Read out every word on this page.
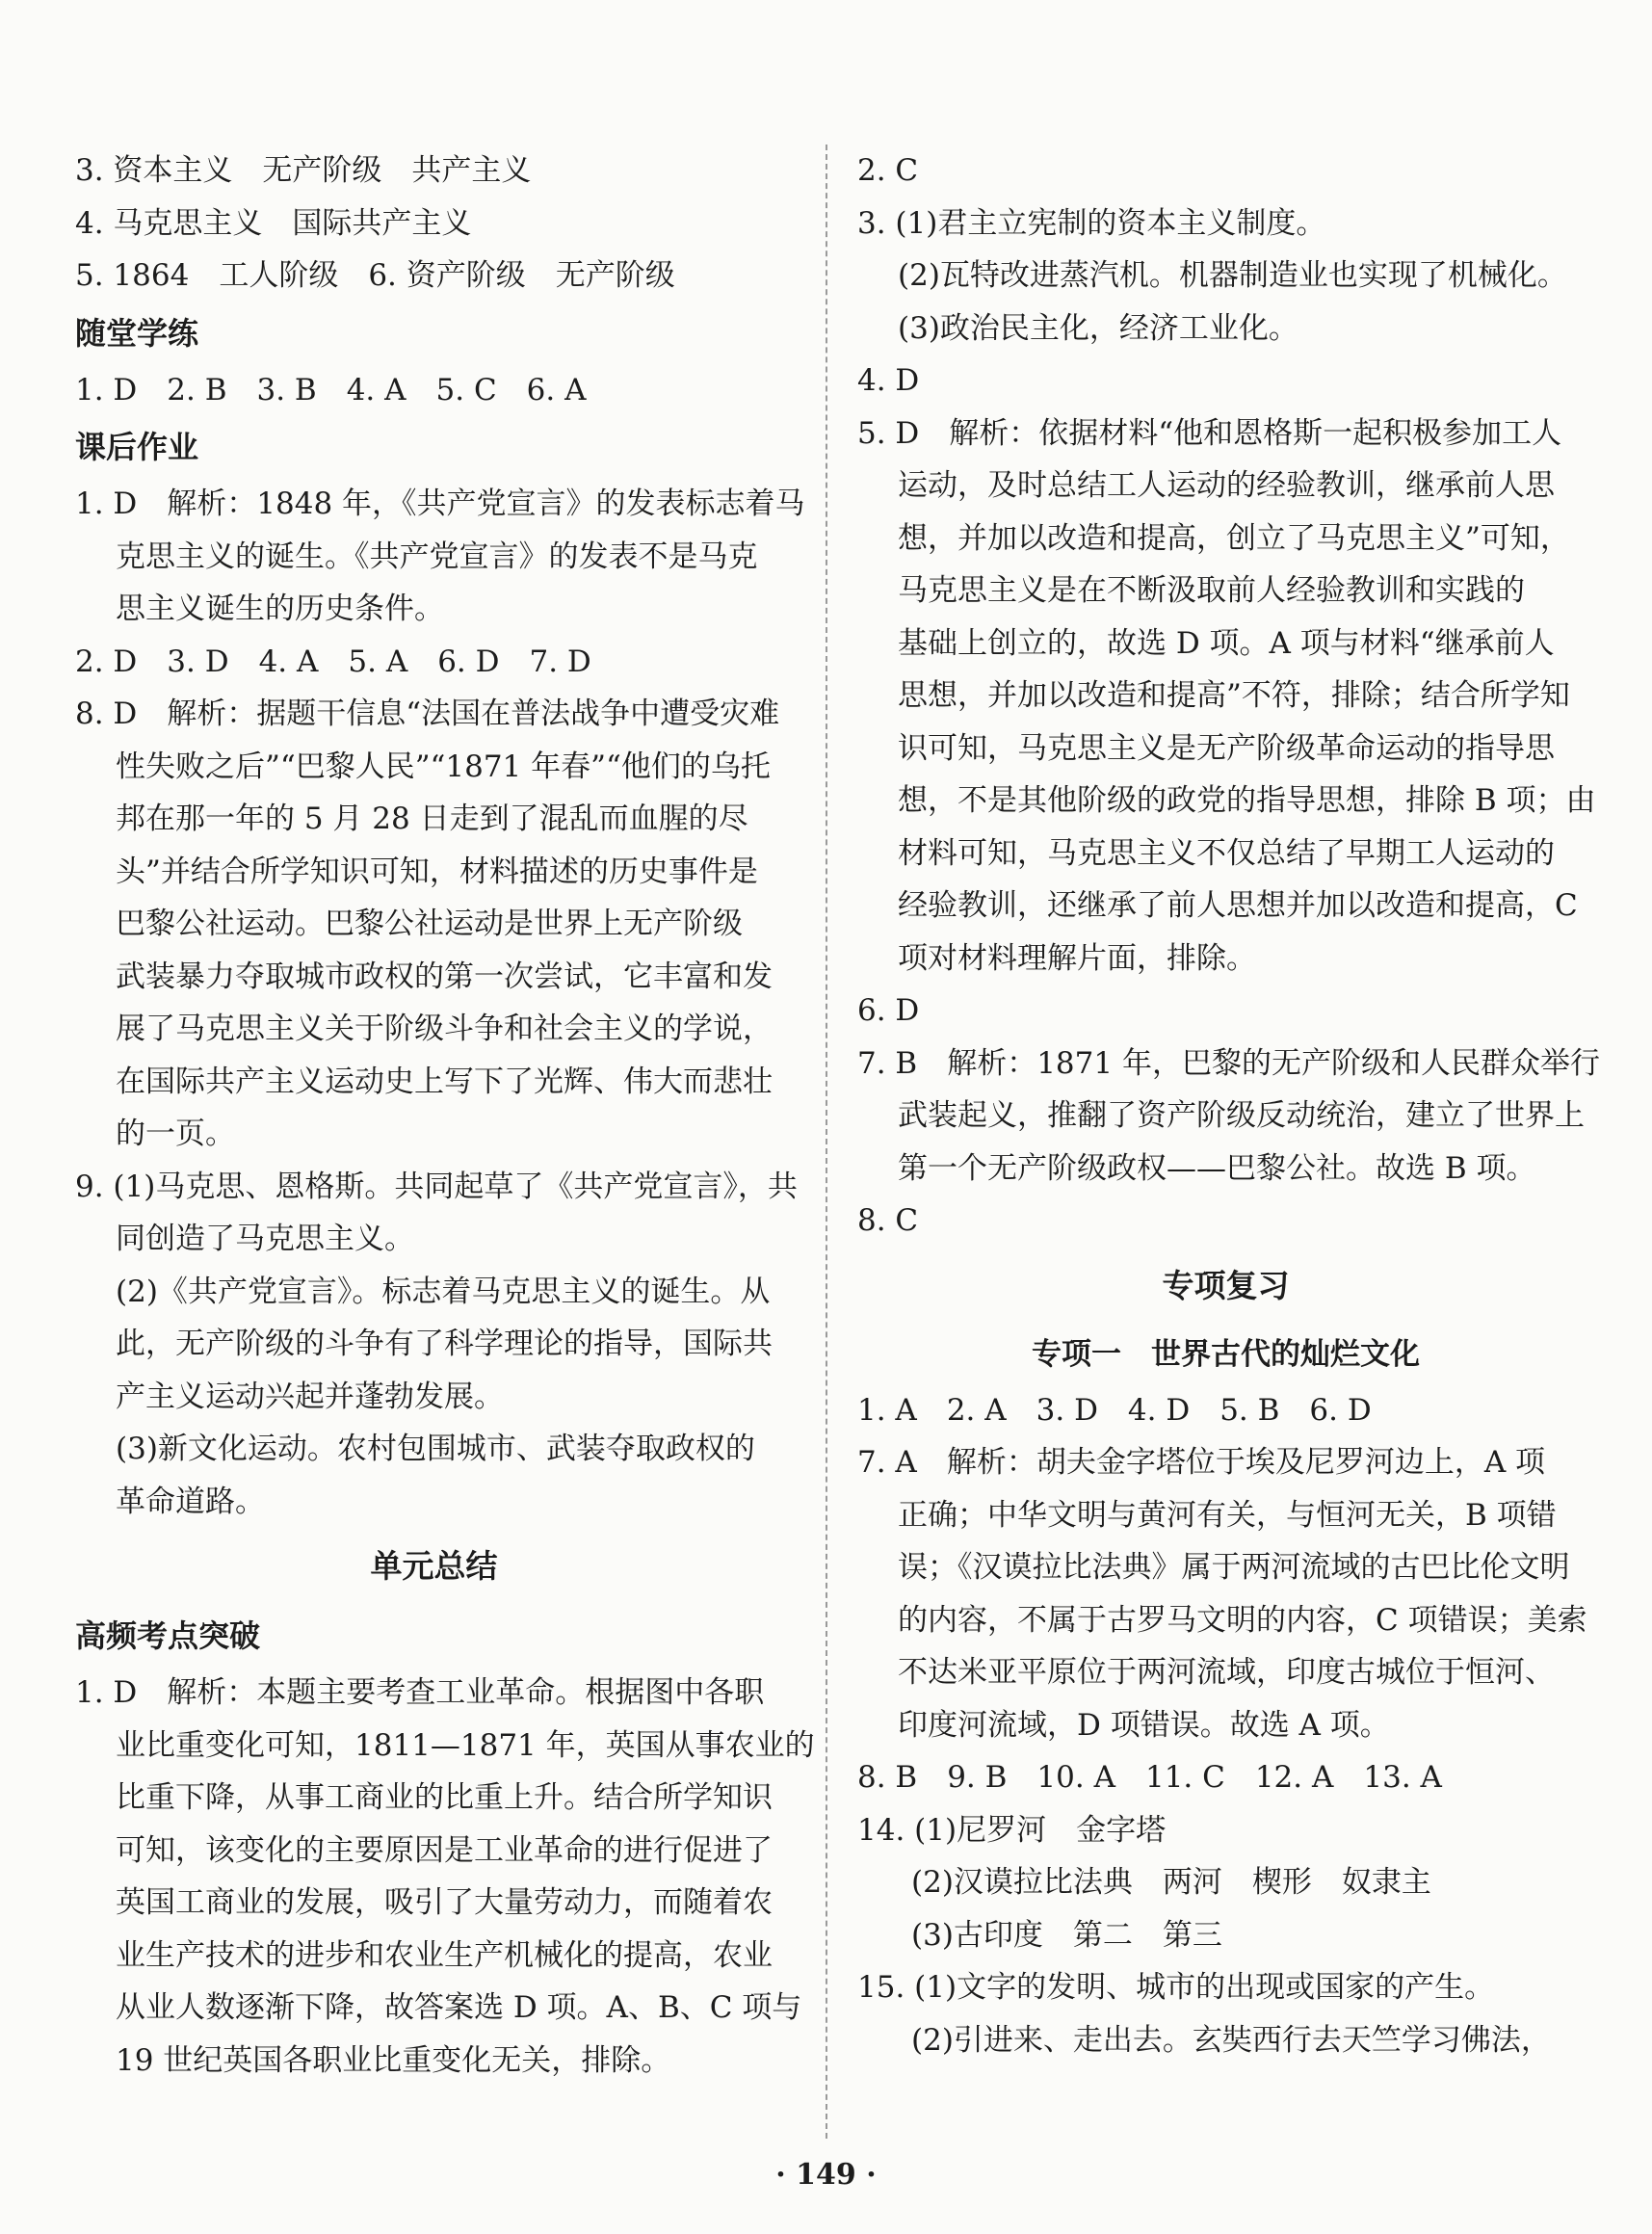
3. 资本主义　无产阶级　共产主义
4. 马克思主义　国际共产主义
5. 1864　工人阶级　6. 资产阶级　无产阶级
随堂学练
1. D　2. B　3. B　4. A　5. C　6. A
课后作业
1. D　解析：1848 年，《共产党宣言》的发表标志着马
克思主义的诞生。《共产党宣言》的发表不是马克
思主义诞生的历史条件。
2. D　3. D　4. A　5. A　6. D　7. D
8. D　解析：据题干信息“法国在普法战争中遭受灾难
性失败之后”“巴黎人民”“1871 年春”“他们的乌托
邦在那一年的 5 月 28 日走到了混乱而血腥的尽
头”并结合所学知识可知，材料描述的历史事件是
巴黎公社运动。巴黎公社运动是世界上无产阶级
武装暴力夺取城市政权的第一次尝试，它丰富和发
展了马克思主义关于阶级斗争和社会主义的学说，
在国际共产主义运动史上写下了光辉、伟大而悲壮
的一页。
9. (1)马克思、恩格斯。共同起草了《共产党宣言》，共
同创造了马克思主义。
(2)《共产党宣言》。标志着马克思主义的诞生。从
此，无产阶级的斗争有了科学理论的指导，国际共
产主义运动兴起并蓬勃发展。
(3)新文化运动。农村包围城市、武装夺取政权的
革命道路。
单元总结
高频考点突破
1. D　解析：本题主要考查工业革命。根据图中各职
业比重变化可知，1811—1871 年，英国从事农业的
比重下降，从事工商业的比重上升。结合所学知识
可知，该变化的主要原因是工业革命的进行促进了
英国工商业的发展，吸引了大量劳动力，而随着农
业生产技术的进步和农业生产机械化的提高，农业
从业人数逐渐下降，故答案选 D 项。A、B、C 项与
19 世纪英国各职业比重变化无关，排除。
2. C
3. (1)君主立宪制的资本主义制度。
(2)瓦特改进蒸汽机。机器制造业也实现了机械化。
(3)政治民主化，经济工业化。
4. D
5. D　解析：依据材料“他和恩格斯一起积极参加工人
运动，及时总结工人运动的经验教训，继承前人思
想，并加以改造和提高，创立了马克思主义”可知，
马克思主义是在不断汲取前人经验教训和实践的
基础上创立的，故选 D 项。A 项与材料“继承前人
思想，并加以改造和提高”不符，排除；结合所学知
识可知，马克思主义是无产阶级革命运动的指导思
想，不是其他阶级的政党的指导思想，排除 B 项；由
材料可知，马克思主义不仅总结了早期工人运动的
经验教训，还继承了前人思想并加以改造和提高，C
项对材料理解片面，排除。
6. D
7. B　解析：1871 年，巴黎的无产阶级和人民群众举行
武装起义，推翻了资产阶级反动统治，建立了世界上
第一个无产阶级政权——巴黎公社。故选 B 项。
8. C
专项复习
专项一　世界古代的灿烂文化
1. A　2. A　3. D　4. D　5. B　6. D
7. A　解析：胡夫金字塔位于埃及尼罗河边上，A 项
正确；中华文明与黄河有关，与恒河无关，B 项错
误；《汉谟拉比法典》属于两河流域的古巴比伦文明
的内容，不属于古罗马文明的内容，C 项错误；美索
不达米亚平原位于两河流域，印度古城位于恒河、
印度河流域，D 项错误。故选 A 项。
8. B　9. B　10. A　11. C　12. A　13. A
14. (1)尼罗河　金字塔
(2)汉谟拉比法典　两河　楔形　奴隶主
(3)古印度　第二　第三
15. (1)文字的发明、城市的出现或国家的产生。
(2)引进来、走出去。玄奘西行去天竺学习佛法，
· 149 ·
